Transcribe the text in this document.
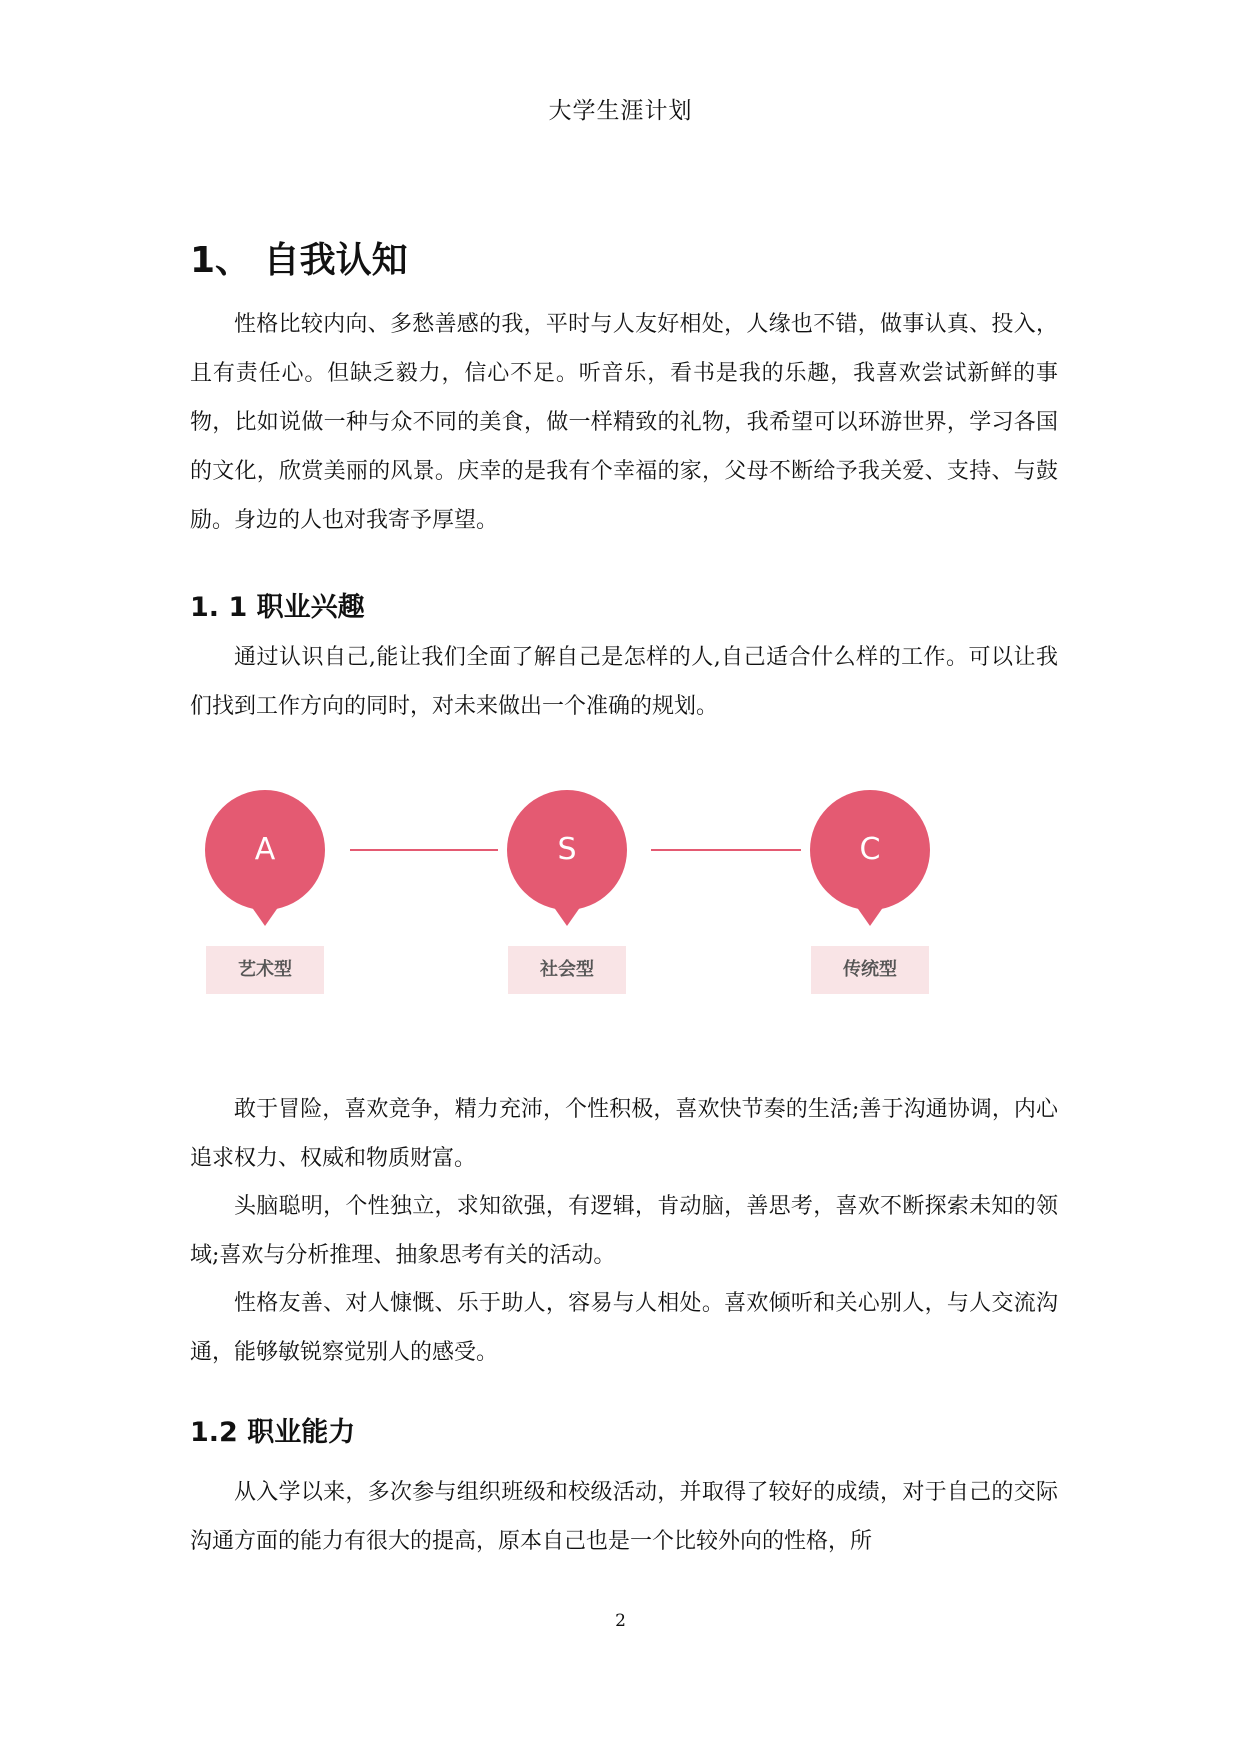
大学生涯计划
1、 自我认知

性格比较内向、多愁善感的我，平时与人友好相处，人缘也不错，做事认真、投入，且有责任心。但缺乏毅力，信心不足。听音乐，看书是我的乐趣，我喜欢尝试新鲜的事物，比如说做一种与众不同的美食，做一样精致的礼物，我希望可以环游世界，学习各国的文化，欣赏美丽的风景。庆幸的是我有个幸福的家，父母不断给予我关爱、支持、与鼓励。身边的人也对我寄予厚望。

1. 1 职业兴趣

通过认识自己,能让我们全面了解自己是怎样的人,自己适合什么样的工作。可以让我们找到工作方向的同时，对未来做出一个准确的规划。

A
艺术型
S
社会型
C
传统型

敢于冒险，喜欢竞争，精力充沛，个性积极，喜欢快节奏的生活;善于沟通协调，内心追求权力、权威和物质财富。

头脑聪明，个性独立，求知欲强，有逻辑，肯动脑，善思考，喜欢不断探索未知的领域;喜欢与分析推理、抽象思考有关的活动。

性格友善、对人慷慨、乐于助人，容易与人相处。喜欢倾听和关心别人，与人交流沟通，能够敏锐察觉别人的感受。

1.2 职业能力

从入学以来，多次参与组织班级和校级活动，并取得了较好的成绩，对于自己的交际沟通方面的能力有很大的提高，原本自己也是一个比较外向的性格，所

2
